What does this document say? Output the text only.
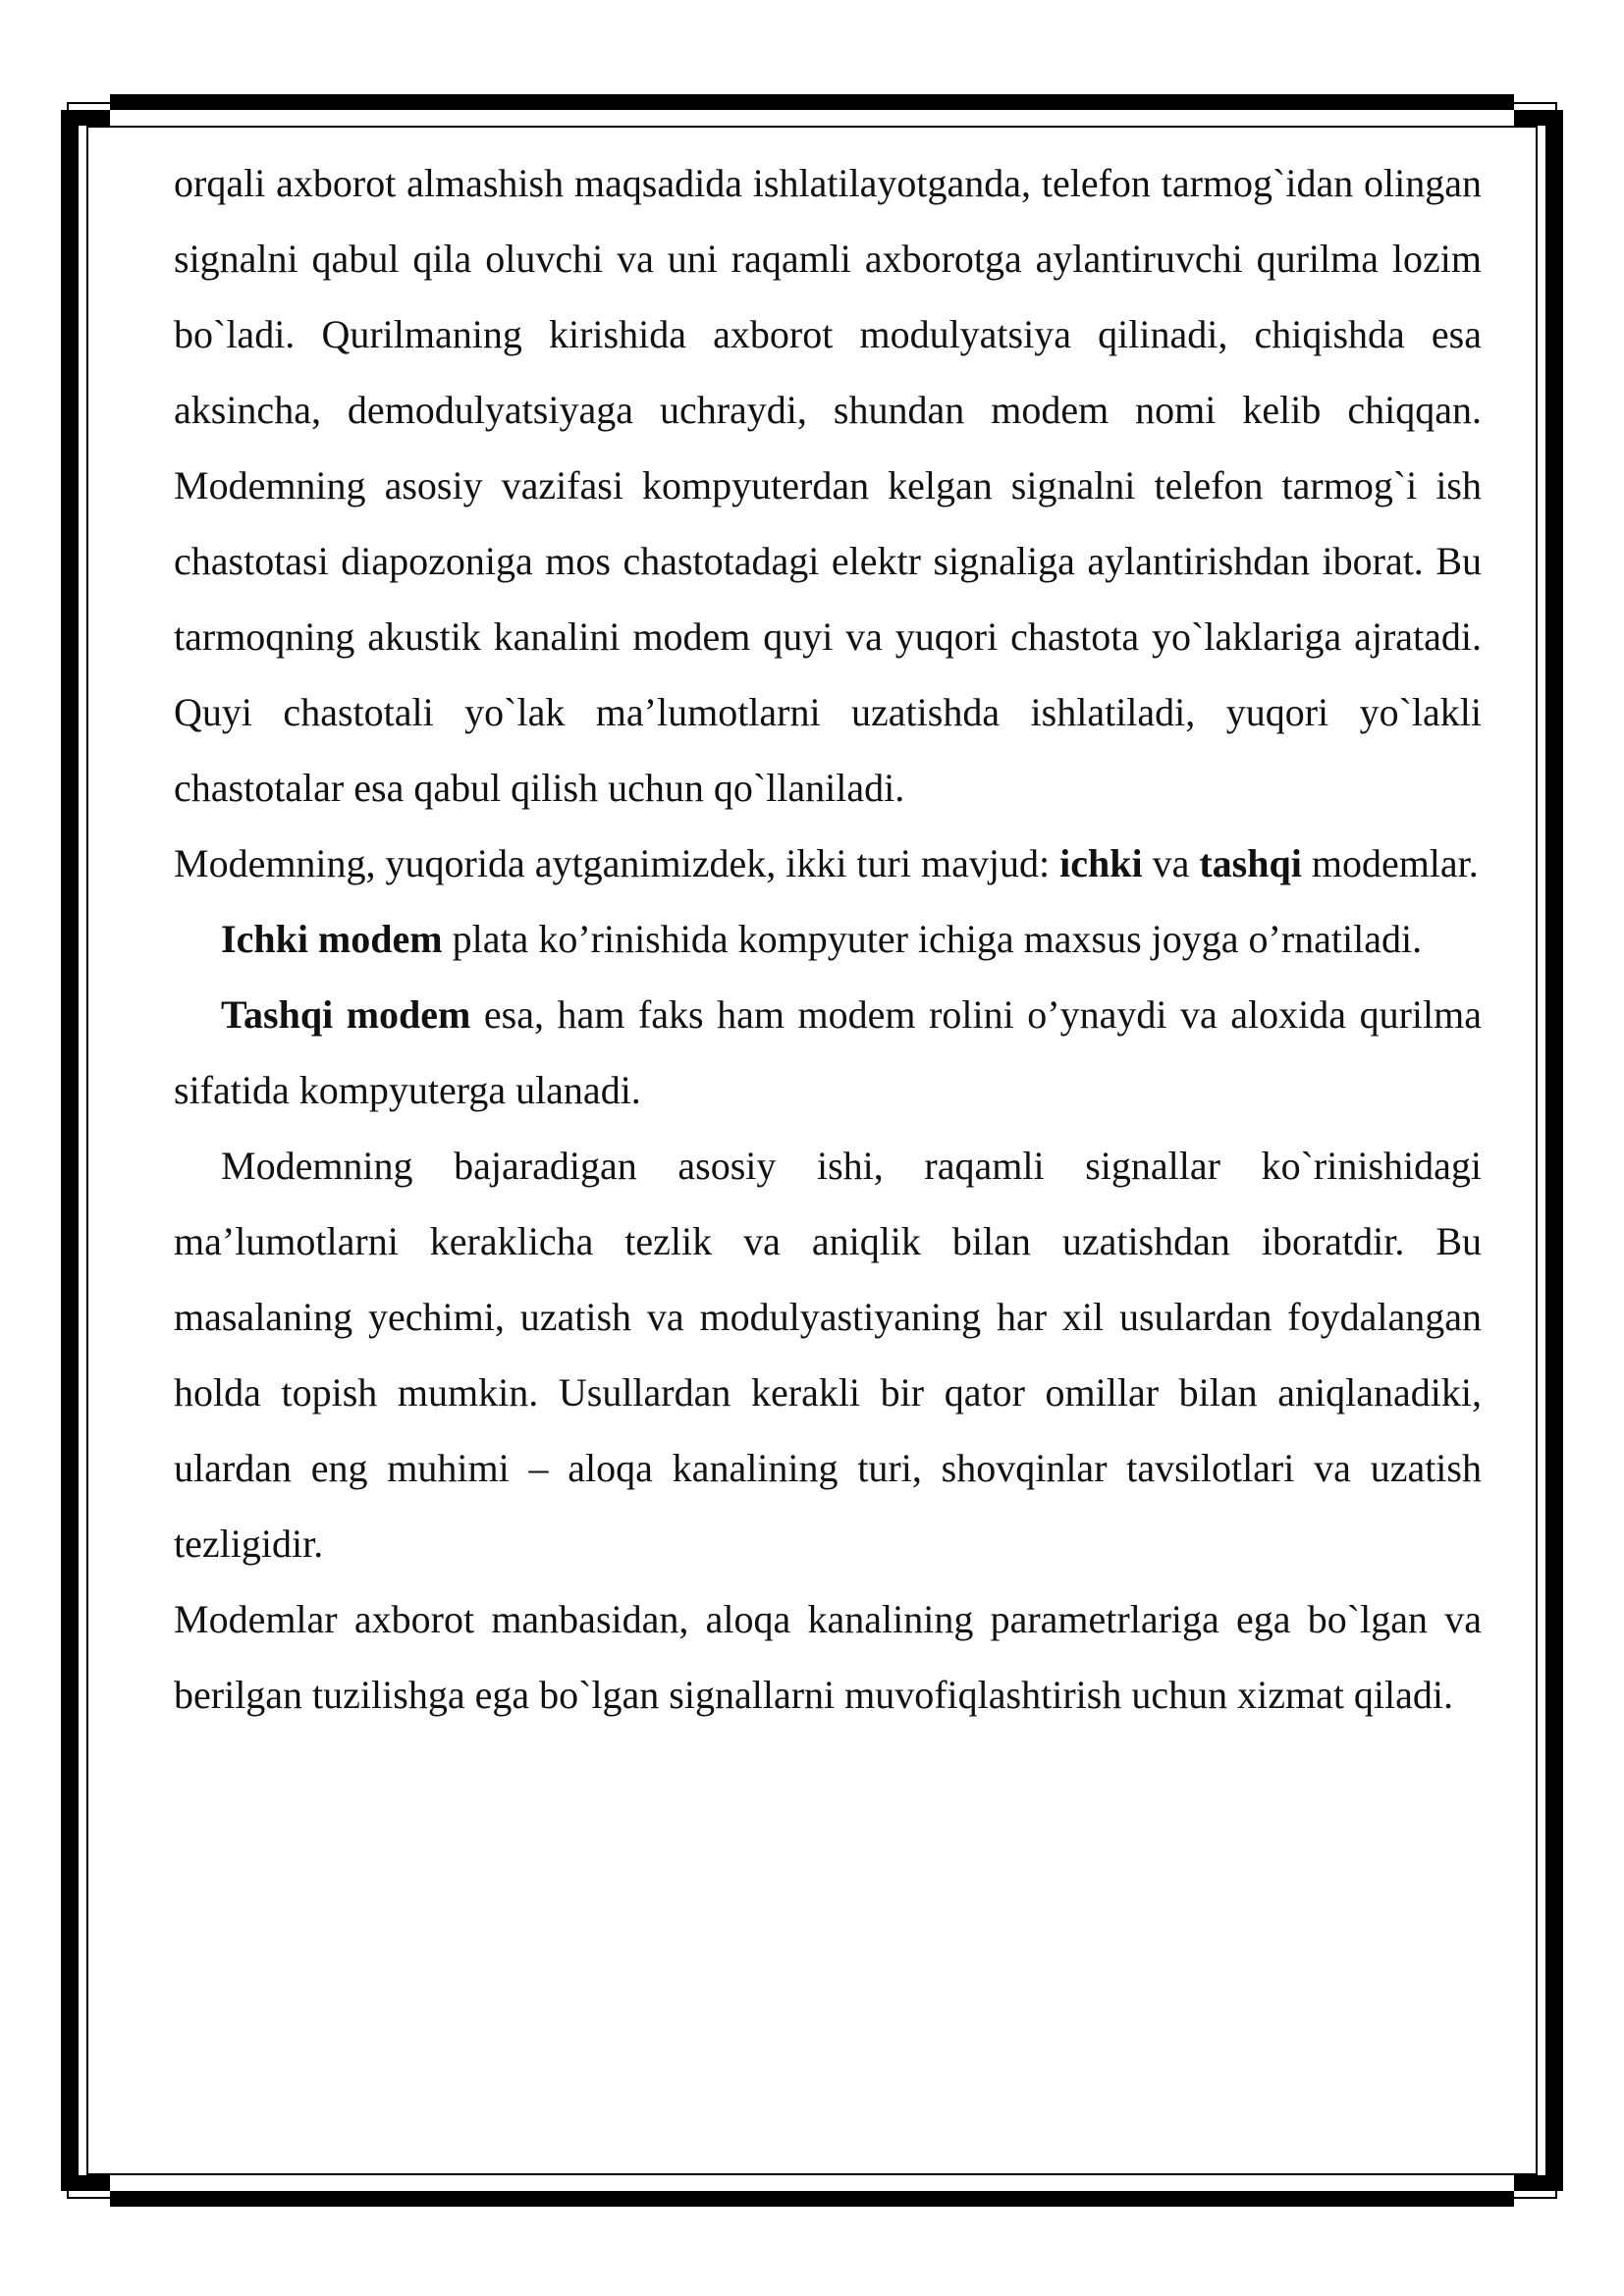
orqali axborot almashish maqsadida ishlatilayotganda, telefon tarmog`idan olingan signalni qabul qila oluvchi va uni raqamli axborotga aylantiruvchi qurilma lozim bo`ladi. Qurilmaning kirishida axborot modulyatsiya qilinadi, chiqishda esa aksincha, demodulyatsiyaga uchraydi, shundan modem nomi kelib chiqqan. Modemning asosiy vazifasi kompyuterdan kelgan signalni telefon tarmog`i ish chastotasi diapozoniga mos chastotadagi elektr signaliga aylantirishdan iborat. Bu tarmoqning akustik kanalini modem quyi va yuqori chastota yo`laklariga ajratadi. Quyi chastotali yo`lak ma’lumotlarni uzatishda ishlatiladi, yuqori yo`lakli chastotalar esa qabul qilish uchun qo`llaniladi.

Modemning, yuqorida aytganimizdek, ikki turi mavjud: ichki va tashqi modemlar.

Ichki modem plata ko’rinishida kompyuter ichiga maxsus joyga o’rnatiladi.

Tashqi modem esa, ham faks ham modem rolini o’ynaydi va aloxida qurilma sifatida kompyuterga ulanadi.

Modemning bajaradigan asosiy ishi, raqamli signallar ko`rinishidagi ma’lumotlarni keraklicha tezlik va aniqlik bilan uzatishdan iboratdir. Bu masalaning yechimi, uzatish va modulyastiyaning har xil usulardan foydalangan holda topish mumkin. Usullardan kerakli bir qator omillar bilan aniqlanadiki, ulardan eng muhimi – aloqa kanalining turi, shovqinlar tavsilotlari va uzatish tezligidir.

Modemlar axborot manbasidan, aloqa kanalining parametrlariga ega bo`lgan va berilgan tuzilishga ega bo`lgan signallarni muvofiqlashtirish uchun xizmat qiladi.
